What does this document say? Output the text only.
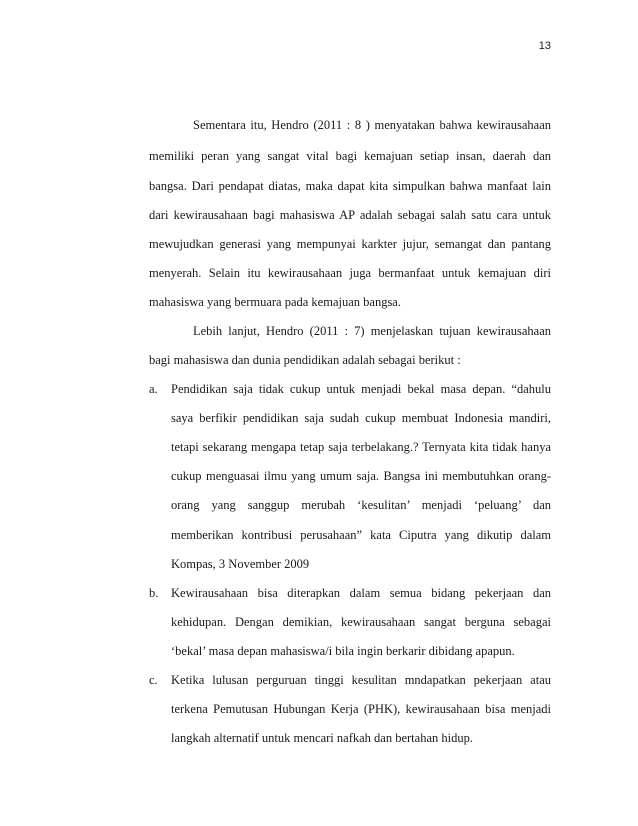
13
Sementara itu, Hendro (2011 : 8 ) menyatakan bahwa kewirausahaan
memiliki peran yang sangat vital bagi kemajuan setiap insan, daerah dan
bangsa. Dari pendapat diatas, maka dapat kita simpulkan bahwa manfaat lain
dari kewirausahaan bagi mahasiswa AP adalah sebagai salah satu cara untuk
mewujudkan generasi yang mempunyai karkter jujur, semangat dan pantang
menyerah. Selain itu kewirausahaan juga bermanfaat untuk kemajuan diri
mahasiswa yang bermuara pada kemajuan bangsa.
Lebih lanjut, Hendro (2011 : 7) menjelaskan tujuan kewirausahaan
bagi mahasiswa dan dunia pendidikan adalah sebagai berikut :
a. Pendidikan saja tidak cukup untuk menjadi bekal masa depan. “dahulu
saya berfikir pendidikan saja sudah cukup membuat Indonesia mandiri,
tetapi sekarang mengapa tetap saja terbelakang.? Ternyata kita tidak hanya
cukup menguasai ilmu yang umum saja. Bangsa ini membutuhkan orang-
orang yang sanggup merubah ‘kesulitan’ menjadi ‘peluang’ dan
memberikan kontribusi perusahaan” kata Ciputra yang dikutip dalam
Kompas, 3 November 2009
b. Kewirausahaan bisa diterapkan dalam semua bidang pekerjaan dan
kehidupan. Dengan demikian, kewirausahaan sangat berguna sebagai
‘bekal’ masa depan mahasiswa/i bila ingin berkarir dibidang apapun.
c. Ketika lulusan perguruan tinggi kesulitan mndapatkan pekerjaan atau
terkena Pemutusan Hubungan Kerja (PHK), kewirausahaan bisa menjadi
langkah alternatif untuk mencari nafkah dan bertahan hidup.
